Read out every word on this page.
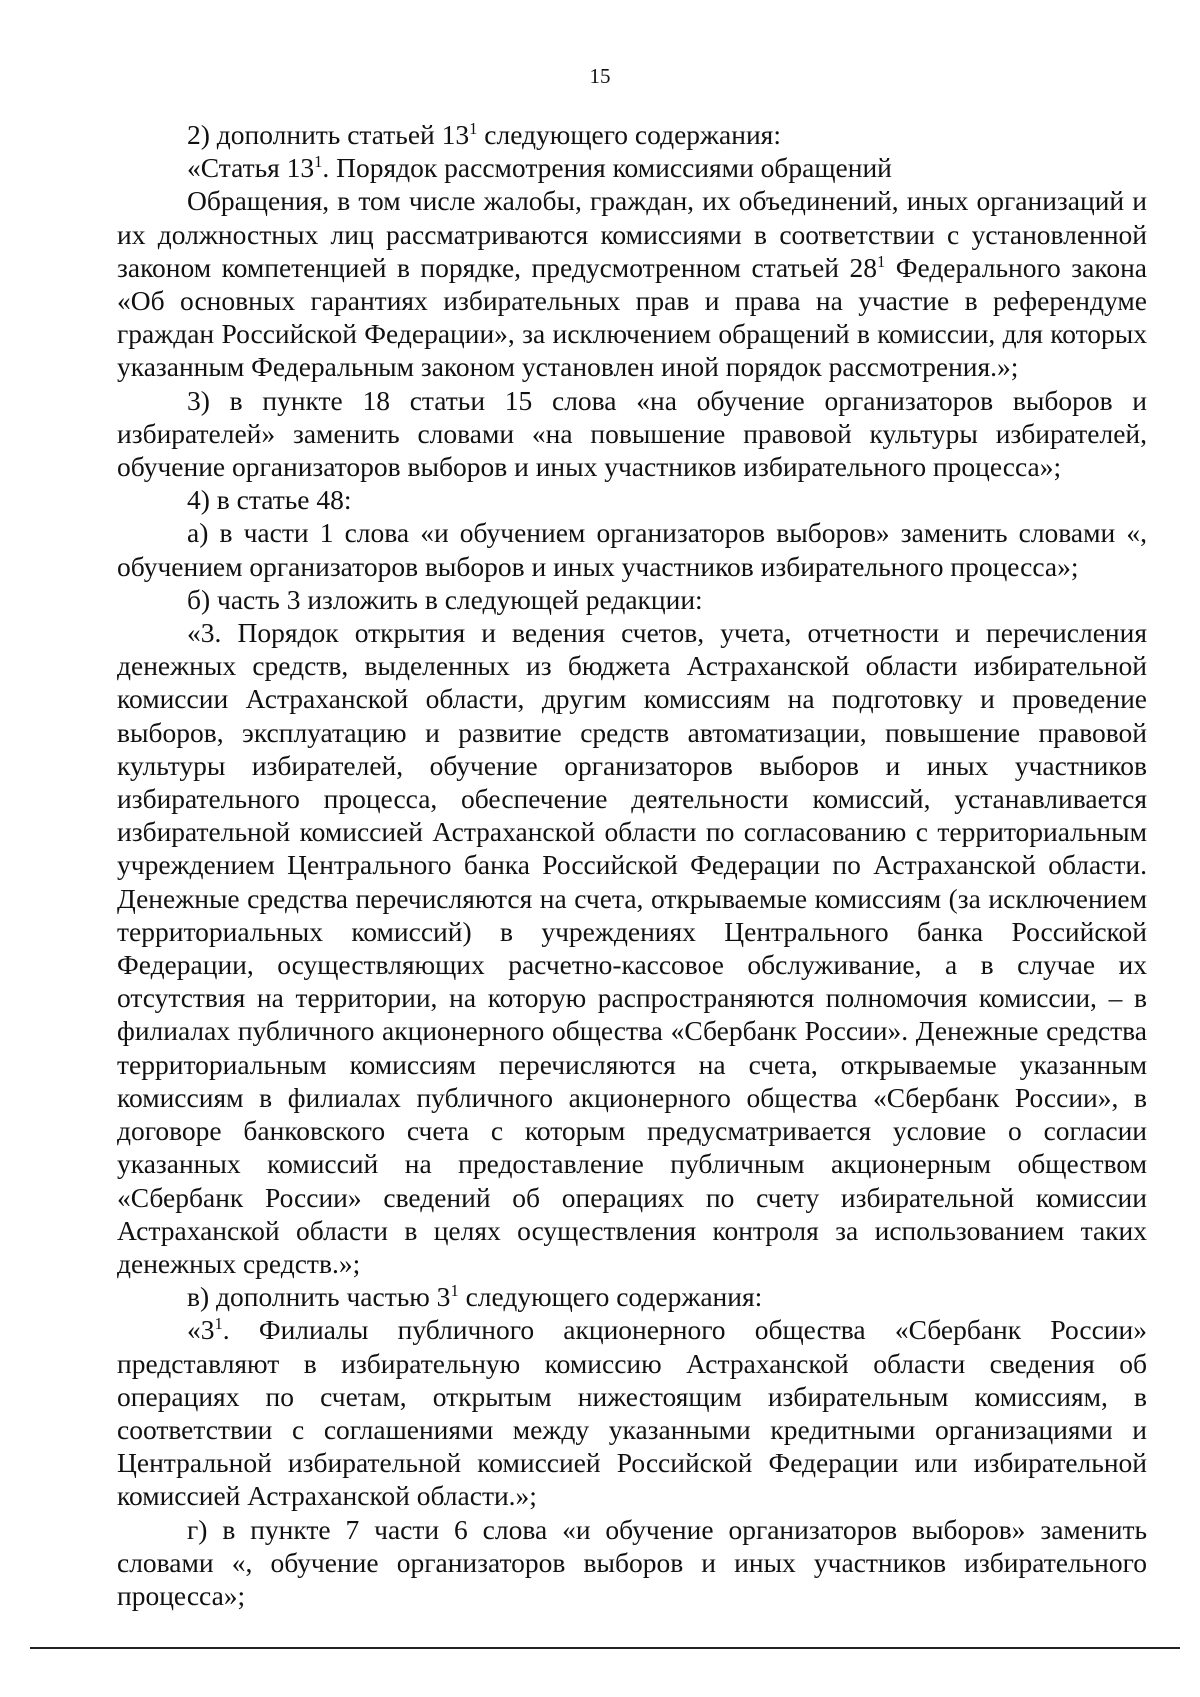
15

2) дополнить статьей $13^1$ следующего содержания:

«Статья $13^1$. Порядок рассмотрения комиссиями обращений

Обращения, в том числе жалобы, граждан, их объединений, иных организаций и их должностных лиц рассматриваются комиссиями в соответствии с установленной законом компетенцией в порядке, предусмотренном статьей $28^1$ Федерального закона «Об основных гарантиях избирательных прав и права на участие в референдуме граждан Российской Федерации», за исключением обращений в комиссии, для которых указанным Федеральным законом установлен иной порядок рассмотрения.»;

3) в пункте 18 статьи 15 слова «на обучение организаторов выборов и избирателей» заменить словами «на повышение правовой культуры избирателей, обучение организаторов выборов и иных участников избирательного процесса»;

4) в статье 48:

а) в части 1 слова «и обучением организаторов выборов» заменить словами «, обучением организаторов выборов и иных участников избирательного процесса»;

б) часть 3 изложить в следующей редакции:

«3. Порядок открытия и ведения счетов, учета, отчетности и перечисления денежных средств, выделенных из бюджета Астраханской области избирательной комиссии Астраханской области, другим комиссиям на подготовку и проведение выборов, эксплуатацию и развитие средств автоматизации, повышение правовой культуры избирателей, обучение организаторов выборов и иных участников избирательного процесса, обеспечение деятельности комиссий, устанавливается избирательной комиссией Астраханской области по согласованию с территориальным учреждением Центрального банка Российской Федерации по Астраханской области. Денежные средства перечисляются на счета, открываемые комиссиям (за исключением территориальных комиссий) в учреждениях Центрального банка Российской Федерации, осуществляющих расчетно-кассовое обслуживание, а в случае их отсутствия на территории, на которую распространяются полномочия комиссии, – в филиалах публичного акционерного общества «Сбербанк России». Денежные средства территориальным комиссиям перечисляются на счета, открываемые указанным комиссиям в филиалах публичного акционерного общества «Сбербанк России», в договоре банковского счета с которым предусматривается условие о согласии указанных комиссий на предоставление публичным акционерным обществом «Сбербанк России» сведений об операциях по счету избирательной комиссии Астраханской области в целях осуществления контроля за использованием таких денежных средств.»;

в) дополнить частью $3^1$ следующего содержания:

«$3^1$. Филиалы публичного акционерного общества «Сбербанк России» представляют в избирательную комиссию Астраханской области сведения об операциях по счетам, открытым нижестоящим избирательным комиссиям, в соответствии с соглашениями между указанными кредитными организациями и Центральной избирательной комиссией Российской Федерации или избирательной комиссией Астраханской области.»;

г) в пункте 7 части 6 слова «и обучение организаторов выборов» заменить словами «, обучение организаторов выборов и иных участников избирательного процесса»;
